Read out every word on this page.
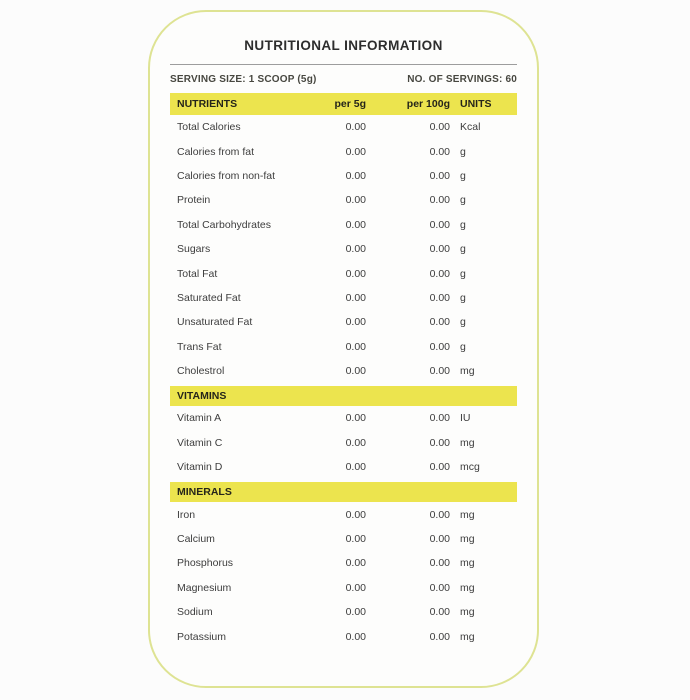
NUTRITIONAL INFORMATION
SERVING SIZE: 1 SCOOP (5g)	NO. OF SERVINGS: 60
NUTRIENTS	per 5g	per 100g UNITS
Total Calories	0.00	0.00 Kcal
Calories from fat	0.00	0.00 g
Calories from non-fat	0.00	0.00 g
Protein	0.00	0.00 g
Total Carbohydrates	0.00	0.00 g
Sugars	0.00	0.00 g
Total Fat	0.00	0.00 g
Saturated Fat	0.00	0.00 g
Unsaturated Fat	0.00	0.00 g
Trans Fat	0.00	0.00 g
Cholestrol	0.00	0.00 mg
VITAMINS
Vitamin A	0.00	0.00 IU
Vitamin C	0.00	0.00 mg
Vitamin D	0.00	0.00 mcg
MINERALS
Iron	0.00	0.00 mg
Calcium	0.00	0.00 mg
Phosphorus	0.00	0.00 mg
Magnesium	0.00	0.00 mg
Sodium	0.00	0.00 mg
Potassium	0.00	0.00 mg
